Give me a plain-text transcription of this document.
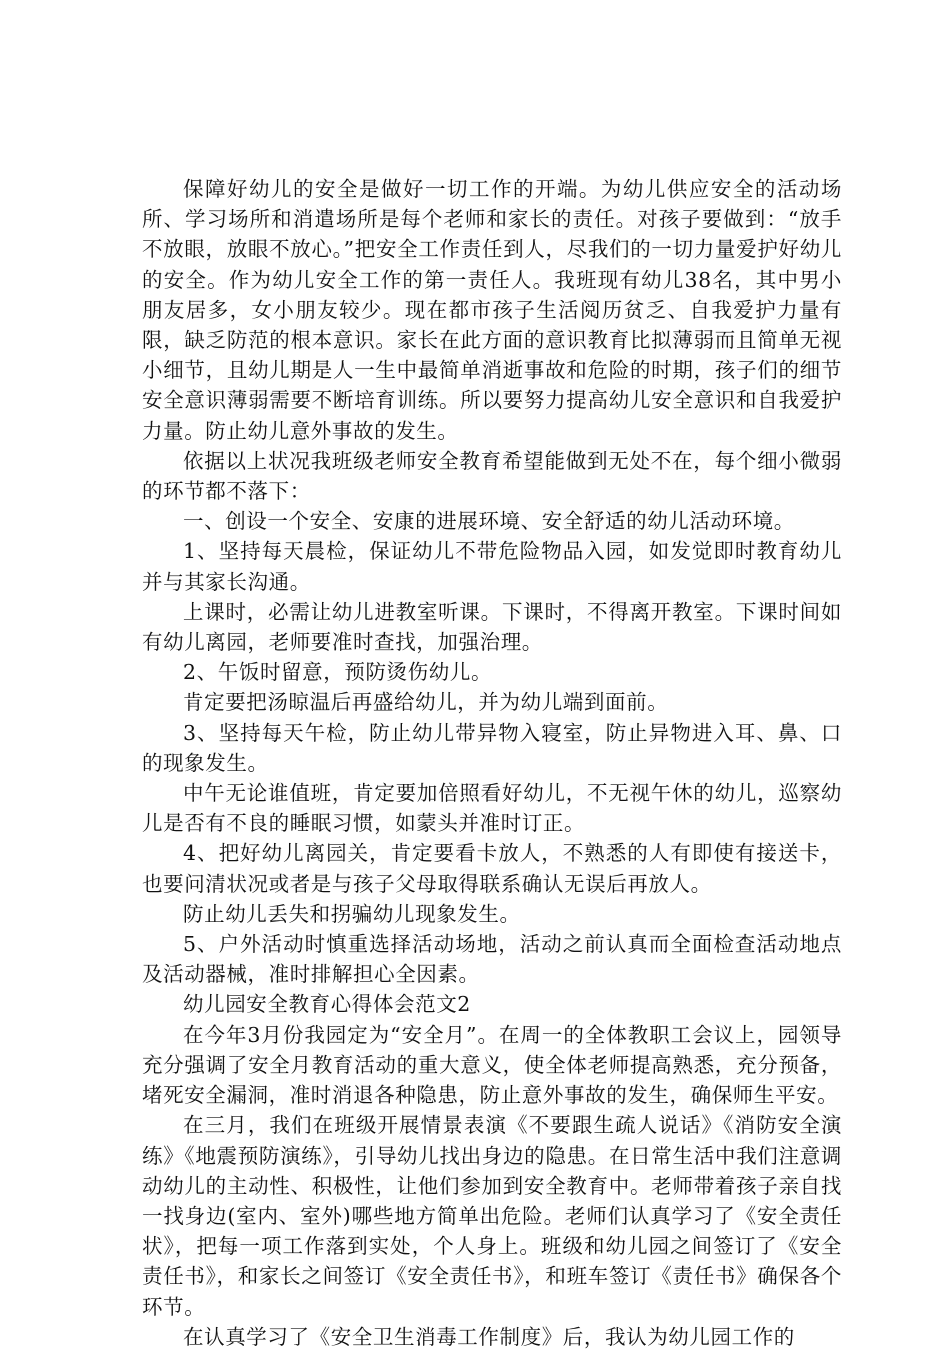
保障好幼儿的安全是做好一切工作的开端。为幼儿供应安全的活动场所、学习场所和消遣场所是每个老师和家长的责任。对孩子要做到：“放手不放眼，放眼不放心。”把安全工作责任到人，尽我们的一切力量爱护好幼儿的安全。作为幼儿安全工作的第一责任人。我班现有幼儿38名，其中男小朋友居多，女小朋友较少。现在都市孩子生活阅历贫乏、自我爱护力量有限，缺乏防范的根本意识。家长在此方面的意识教育比拟薄弱而且简单无视小细节，且幼儿期是人一生中最简单消逝事故和危险的时期，孩子们的细节安全意识薄弱需要不断培育训练。所以要努力提高幼儿安全意识和自我爱护力量。防止幼儿意外事故的发生。

依据以上状况我班级老师安全教育希望能做到无处不在，每个细小微弱的环节都不落下：

一、创设一个安全、安康的进展环境、安全舒适的幼儿活动环境。

1、坚持每天晨检，保证幼儿不带危险物品入园，如发觉即时教育幼儿并与其家长沟通。

上课时，必需让幼儿进教室听课。下课时，不得离开教室。下课时间如有幼儿离园，老师要准时查找，加强治理。

2、午饭时留意，预防烫伤幼儿。

肯定要把汤晾温后再盛给幼儿，并为幼儿端到面前。

3、坚持每天午检，防止幼儿带异物入寝室，防止异物进入耳、鼻、口的现象发生。

中午无论谁值班，肯定要加倍照看好幼儿，不无视午休的幼儿，巡察幼儿是否有不良的睡眠习惯，如蒙头并准时订正。

4、把好幼儿离园关，肯定要看卡放人，不熟悉的人有即使有接送卡，也要问清状况或者是与孩子父母取得联系确认无误后再放人。

防止幼儿丢失和拐骗幼儿现象发生。

5、户外活动时慎重选择活动场地，活动之前认真而全面检查活动地点及活动器械，准时排解担心全因素。

幼儿园安全教育心得体会范文2

在今年3月份我园定为“安全月”。在周一的全体教职工会议上，园领导充分强调了安全月教育活动的重大意义，使全体老师提高熟悉，充分预备，堵死安全漏洞，准时消退各种隐患，防止意外事故的发生，确保师生平安。

在三月，我们在班级开展情景表演《不要跟生疏人说话》《消防安全演练》《地震预防演练》，引导幼儿找出身边的隐患。在日常生活中我们注意调动幼儿的主动性、积极性，让他们参加到安全教育中。老师带着孩子亲自找一找身边(室内、室外)哪些地方简单出危险。老师们认真学习了《安全责任状》，把每一项工作落到实处，个人身上。班级和幼儿园之间签订了《安全责任书》，和家长之间签订《安全责任书》，和班车签订《责任书》确保各个环节。

在认真学习了《安全卫生消毒工作制度》后，我认为幼儿园工作的
